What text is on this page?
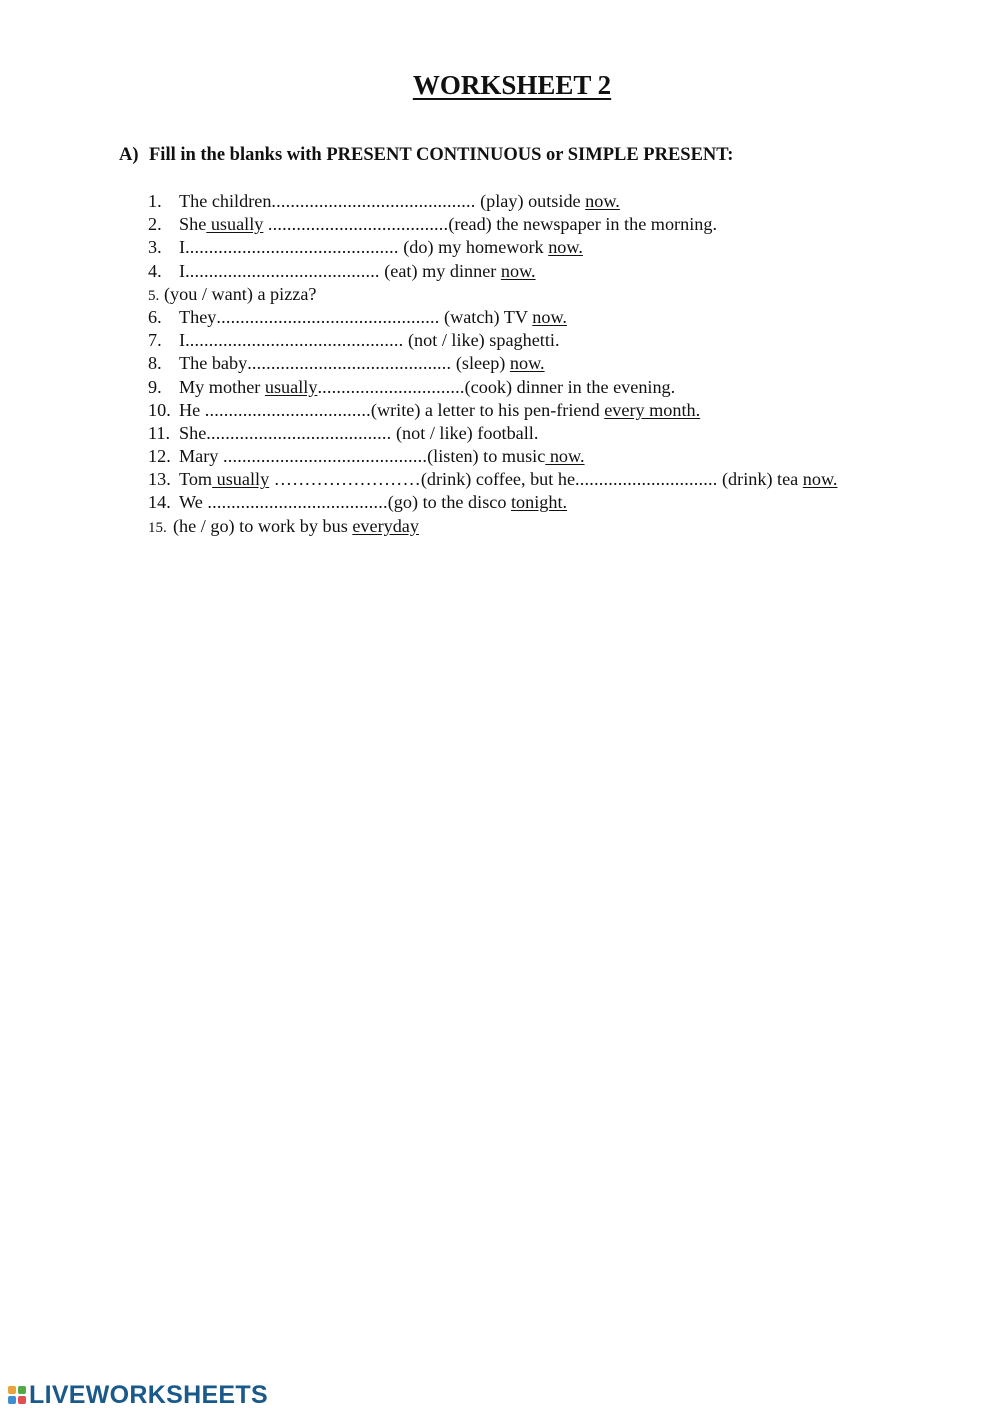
WORKSHEET 2
A) Fill in the blanks with PRESENT CONTINUOUS or SIMPLE PRESENT:
1. The children........................................... (play) outside now.
2. She usually ......................................(read) the newspaper in the morning.
3. I............................................. (do) my homework now.
4. I......................................... (eat) my dinner now.
5. (you / want) a pizza?
6. They............................................... (watch) TV now.
7. I.............................................. (not / like) spaghetti.
8. The baby........................................... (sleep) now.
9. My mother usually...............................(cook) dinner in the evening.
10. He ...................................(write) a letter to his pen-friend every month.
11. She....................................... (not / like) football.
12. Mary ...........................................(listen) to music now.
13. Tom usually ……………………(drink) coffee, but he.............................. (drink) tea now.
14. We ......................................(go) to the disco tonight.
15. (he / go) to work by bus everyday
LIVEWORKSHEETS
